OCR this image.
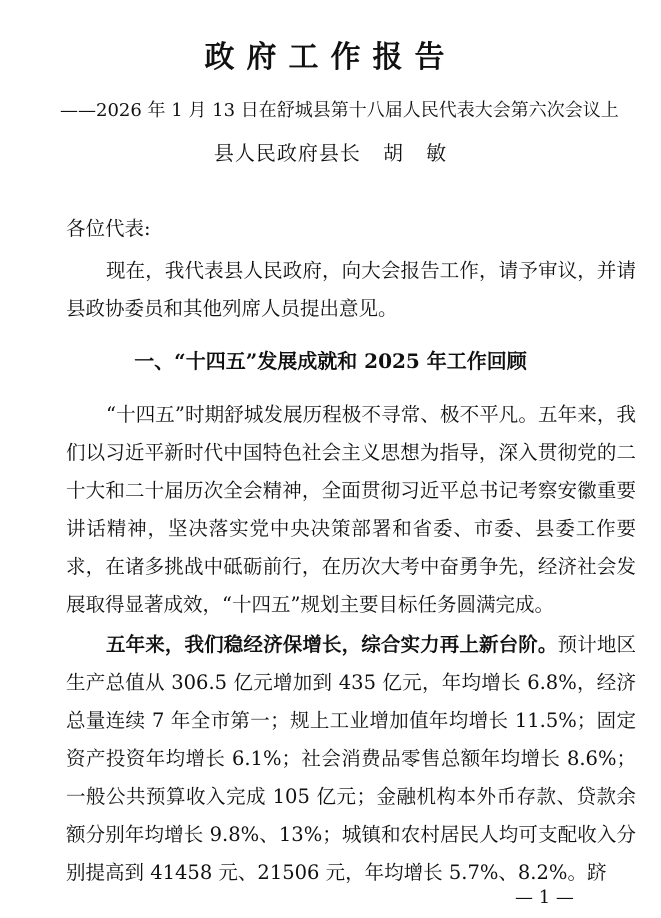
政府工作报告
——2026 年 1 月 13 日在舒城县第十八届人民代表大会第六次会议上
县人民政府县长   胡   敏
各位代表:

现在，我代表县人民政府，向大会报告工作，请予审议，并请县政协委员和其他列席人员提出意见。

一、“十四五”发展成就和 2025 年工作回顾

“十四五”时期舒城发展历程极不寻常、极不平凡。五年来，我们以习近平新时代中国特色社会主义思想为指导，深入贯彻党的二十大和二十届历次全会精神，全面贯彻习近平总书记考察安徽重要讲话精神，坚决落实党中央决策部署和省委、市委、县委工作要求，在诸多挑战中砥砺前行，在历次大考中奋勇争先，经济社会发展取得显著成效，“十四五”规划主要目标任务圆满完成。

五年来，我们稳经济保增长，综合实力再上新台阶。预计地区生产总值从 306.5 亿元增加到 435 亿元，年均增长 6.8%，经济总量连续 7 年全市第一；规上工业增加值年均增长 11.5%；固定资产投资年均增长 6.1%；社会消费品零售总额年均增长 8.6%；一般公共预算收入完成 105 亿元；金融机构本外币存款、贷款余额分别年均增长 9.8%、13%；城镇和农村居民人均可支配收入分别提高到 41458 元、21506 元，年均增长 5.7%、8.2%。跻

— 1 —
